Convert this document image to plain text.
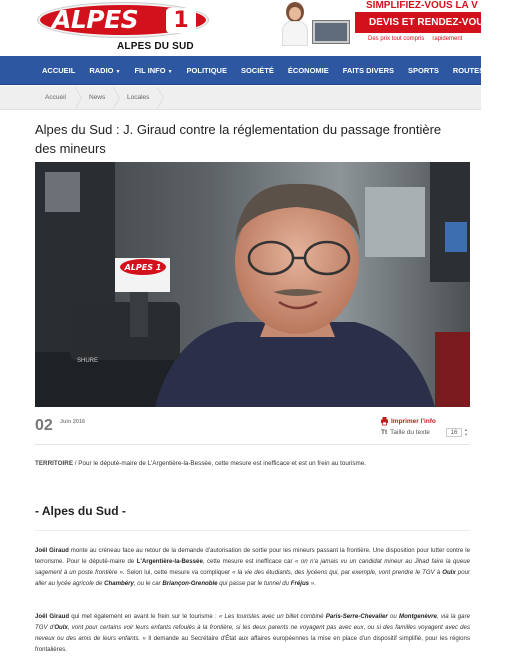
ALPES	1
ALPES DU SUD
SIMPLIFIEZ-VOUS LA V
DEVIS ET RENDEZ-VOUS EN
Des prix tout compris rapidement
ACCUEIL	RADIO ▼	FIL INFO ▼	POLITIQUE	SOCIÉTÉ	ÉCONOMIE	FAITS DIVERS	SPORTS	ROUTES ▼	EM
Accueil	News	Locales
Alpes du Sud : J. Giraud contre la réglementation du passage frontière des mineurs
ALPES 1
SHURE
02 Juin 2016	Imprimer l'info
Tt Taille du texte	16
▲
▼
TERRITOIRE / Pour le député-maire de L'Argentière-la-Bessée, cette mesure est inefficace et est un frein au tourisme.
- Alpes du Sud -
Joël Giraud monte au créneau face au retour de la demande d'autorisation de sortie pour les mineurs passant la frontière. Une disposition pour lutter contre le terrorisme. Pour le député-maire de L'Argentière-la-Bessée, cette mesure est inefficace car « on n'a jamais vu un candidat mineur au Jihad faire la queue sagement à un poste frontière ». Selon lui, cette mesure va compliquer « la vie des étudiants, des lycéens qui, par exemple, vont prendre le TGV à Oulx pour aller au lycée agricole de Chambéry, ou le car Briançon-Grenoble qui passe par le tunnel du Fréjus ».
Joël Giraud qui met également en avant le frein sur le tourisme : « Les touristes avec un billet combiné Paris-Serre-Chevalier ou Montgenèvre, via la gare TGV d'Oulx, vont pour certains voir leurs enfants refoulés à la frontière, si les deux parents ne voyagent pas avec eux, ou si des familles voyagent avec des neveux ou des amis de leurs enfants. » Il demande au Secrétaire d'État aux affaires européennes la mise en place d'un dispositif simplifié, pour les régions frontalières.
